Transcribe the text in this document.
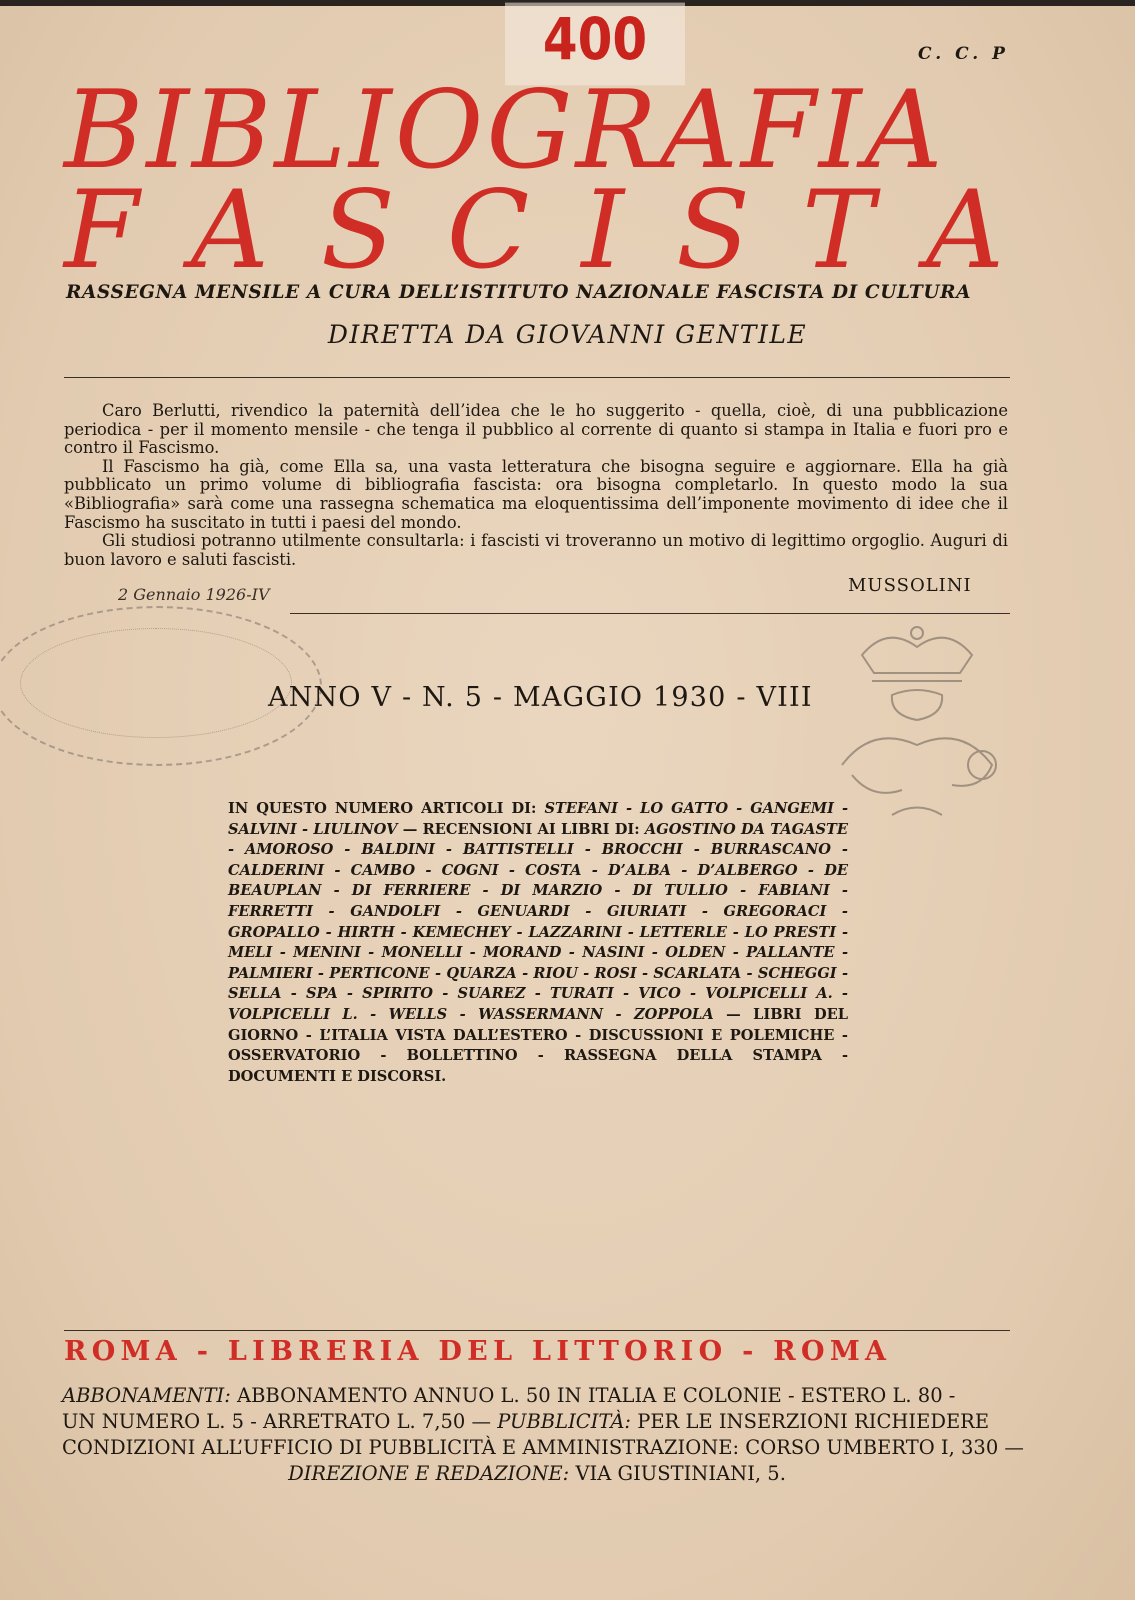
400	C. C. P
BIBLIOGRAFIA
F A S C I S T A
RASSEGNA MENSILE A CURA DELL’ISTITUTO NAZIONALE FASCISTA DI CULTURA
DIRETTA DA GIOVANNI GENTILE

Caro Berlutti, rivendico la paternità dell’idea che le ho suggerito - quella, cioè, di una pubblicazione periodica - per il momento mensile - che tenga il pubblico al corrente di quanto si stampa in Italia e fuori pro e contro il Fascismo.

Il Fascismo ha già, come Ella sa, una vasta letteratura che bisogna seguire e aggiornare. Ella ha già pubblicato un primo volume di bibliografia fascista: ora bisogna completarlo. In questo modo la sua «Bibliografia» sarà come una rassegna schematica ma eloquentissima dell’imponente movimento di idee che il Fascismo ha suscitato in tutti i paesi del mondo.

Gli studiosi potranno utilmente consultarla: i fascisti vi troveranno un motivo di legittimo orgoglio. Auguri di buon lavoro e saluti fascisti.

2 Gennaio 1926-IV	MUSSOLINI
ANNO V - N. 5 - MAGGIO 1930 - VIII
IN QUESTO NUMERO ARTICOLI DI: STEFANI - LO GATTO - GANGEMI - SALVINI - LIULINOV — RECENSIONI AI LIBRI DI: AGOSTINO DA TAGASTE - AMOROSO - BALDINI - BATTISTELLI - BROCCHI - BURRASCANO - CALDERINI - CAMBO - COGNI - COSTA - D’ALBA - D’ALBERGO - DE BEAUPLAN - DI FERRIERE - DI MARZIO - DI TULLIO - FABIANI - FERRETTI - GANDOLFI - GENUARDI - GIURIATI - GREGORACI - GROPALLO - HIRTH - KEMECHEY - LAZZARINI - LETTERLE - LO PRESTI - MELI - MENINI - MONELLI - MORAND - NASINI - OLDEN - PALLANTE - PALMIERI - PERTICONE - QUARZA - RIOU - ROSI - SCARLATA - SCHEGGI - SELLA - SPA - SPIRITO - SUAREZ - TURATI - VICO - VOLPICELLI A. - VOLPICELLI L. - WELLS - WASSERMANN - ZOPPOLA — LIBRI DEL GIORNO - L’ITALIA VISTA DALL’ESTERO - DISCUSSIONI E POLEMICHE - OSSERVATORIO - BOLLETTINO - RASSEGNA DELLA STAMPA - DOCUMENTI E DISCORSI.
ROMA - LIBRERIA DEL LITTORIO - ROMA
ABBONAMENTI: ABBONAMENTO ANNUO L. 50 IN ITALIA E COLONIE - ESTERO L. 80 -
UN NUMERO L. 5 - ARRETRATO L. 7,50 — PUBBLICITÀ: PER LE INSERZIONI RICHIEDERE
CONDIZIONI ALL’UFFICIO DI PUBBLICITÀ E AMMINISTRAZIONE: CORSO UMBERTO I, 330 —
DIREZIONE E REDAZIONE: VIA GIUSTINIANI, 5.
